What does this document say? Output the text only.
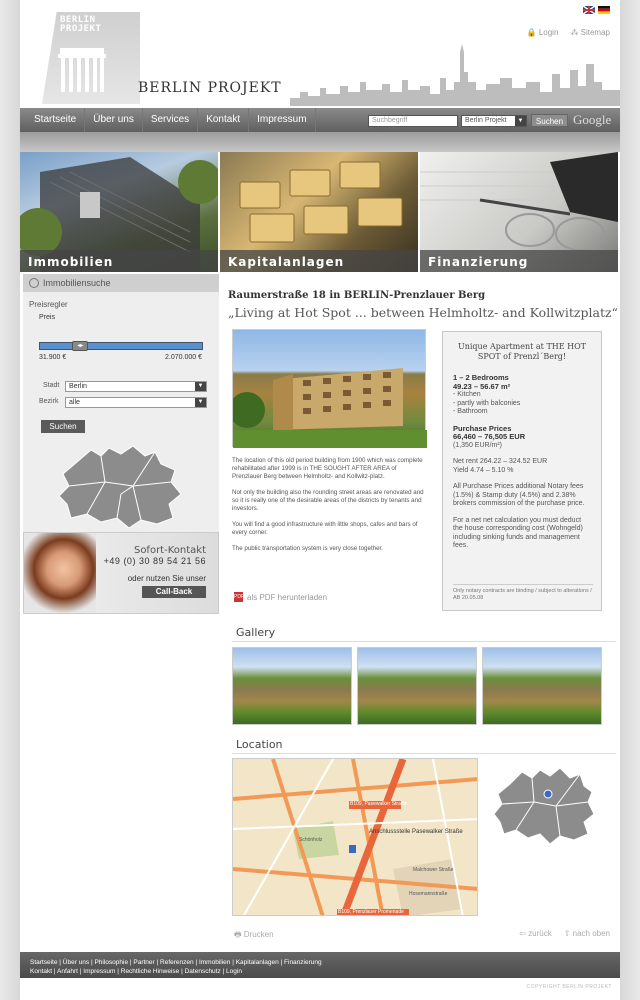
BERLIN PROJEKT
BERLIN PROJEKT
🔒 Login ⁂ Sitemap
Startseite	Über uns	Services	Kontakt	Impressum	Suchbegriff	Berlin Projekt	▼	Suchen Google
Immobilien	Kapitalanlagen	Finanzierung
Immobiliensuche
Preisregler
Preis
◂▸
31.900 €	2.070.000 €
Stadt	Berlin	▼
Bezirk	alle	▼
Suchen
Sofort-Kontakt
+49 (0) 30 89 54 21 56
oder nutzen Sie unser
Call-Back
Raumerstraße 18 in BERLIN-Prenzlauer Berg
„Living at Hot Spot ... between Helmholtz- and Kollwitzplatz“

The location of this old period building from 1900 which was complete rehabilitated after 1999 is in THE SOUGHT AFTER AREA of Prenzlauer Berg between Helmholtz- and Kollwitz-platz.

Not only the building also the rounding street areas are renovated and so it is really one of the desirable areas of the districts by tenants and investors.

You will find a good infrastructure with little shops, cafes and bars of every corner.

The public transportation system is very close together.

PDF als PDF herunterladen
Unique Apartment at THE HOT SPOT of Prenzl´Berg!
1 – 2 Bedrooms
49.23 – 56.67 m²
- Kitchen
- partly with balconies
- Bathroom
Purchase Prices
66,460 – 76,505 EUR
(1,350 EUR/m²)
Net rent 264.22 – 324.52 EUR
Yield 4.74 – 5.10 %
All Purchase Prices additional Notary fees (1.5%) & Stamp duty (4.5%) and 2.38% brokers commission of the purchase price.
For a net net calculation you must deduct the house corresponding cost (Wohngeld) including sinking funds and management fees.
Only notary contracts are binding / subject to alterations / AB 20.05.08
Gallery
Location
B109, Pasewalker Straße
Anschlussstelle Pasewalker Straße
Schönholz
B109, Prenzlauer Promenade
Malchower Straße
Hosemannstraße
🖶 Drucken	⇦ zurück ⇧ nach oben
Startseite | Über uns | Philosophie | Partner | Referenzen | Immobilien | Kapitalanlagen | Finanzierung
Kontakt | Anfahrt | Impressum | Rechtliche Hinweise | Datenschutz | Login
COPYRIGHT BERLIN PROJEKT
